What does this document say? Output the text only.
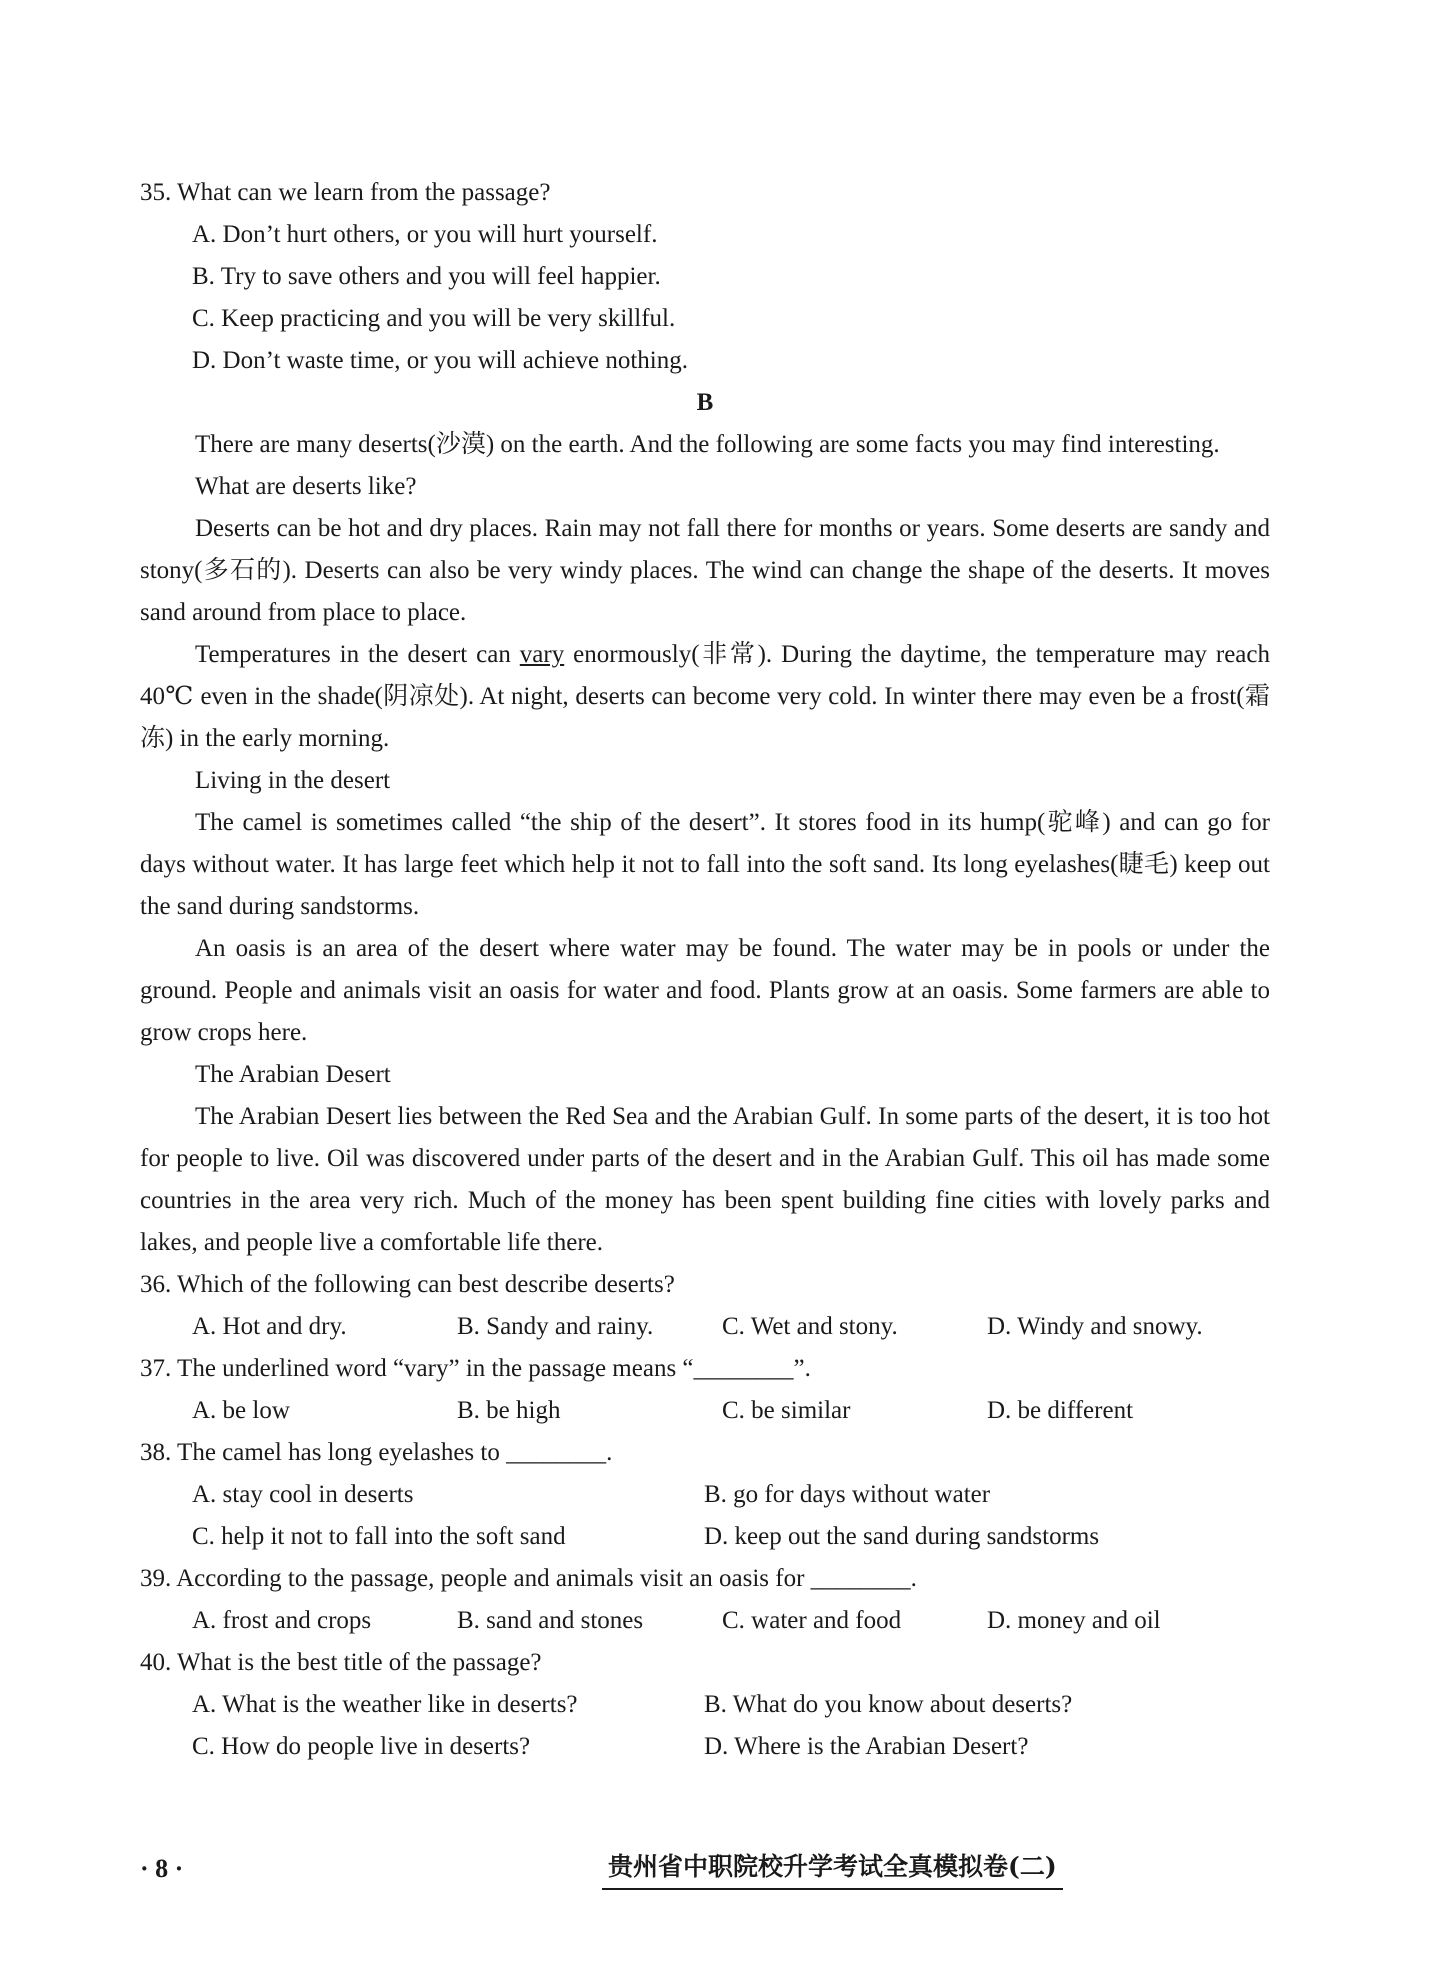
35. What can we learn from the passage?

A. Don’t hurt others, or you will hurt yourself.

B. Try to save others and you will feel happier.

C. Keep practicing and you will be very skillful.

D. Don’t waste time, or you will achieve nothing.

B

There are many deserts(沙漠) on the earth. And the following are some facts you may find interesting.

What are deserts like?

Deserts can be hot and dry places. Rain may not fall there for months or years. Some deserts are sandy and stony(多石的). Deserts can also be very windy places. The wind can change the shape of the deserts. It moves sand around from place to place.

Temperatures in the desert can vary enormously(非常). During the daytime, the temperature may reach 40℃ even in the shade(阴凉处). At night, deserts can become very cold. In winter there may even be a frost(霜冻) in the early morning.

Living in the desert

The camel is sometimes called “the ship of the desert”. It stores food in its hump(驼峰) and can go for days without water. It has large feet which help it not to fall into the soft sand. Its long eyelashes(睫毛) keep out the sand during sandstorms.

An oasis is an area of the desert where water may be found. The water may be in pools or under the ground. People and animals visit an oasis for water and food. Plants grow at an oasis. Some farmers are able to grow crops here.

The Arabian Desert

The Arabian Desert lies between the Red Sea and the Arabian Gulf. In some parts of the desert, it is too hot for people to live. Oil was discovered under parts of the desert and in the Arabian Gulf. This oil has made some countries in the area very rich. Much of the money has been spent building fine cities with lovely parks and lakes, and people live a comfortable life there.

36. Which of the following can best describe deserts?

A. Hot and dry.	B. Sandy and rainy.	C. Wet and stony.	D. Windy and snowy.

37. The underlined word “vary” in the passage means “________”.

A. be low	B. be high	C. be similar	D. be different

38. The camel has long eyelashes to ________.

A. stay cool in deserts	B. go for days without water
C. help it not to fall into the soft sand	D. keep out the sand during sandstorms

39. According to the passage, people and animals visit an oasis for ________.

A. frost and crops	B. sand and stones	C. water and food	D. money and oil

40. What is the best title of the passage?

A. What is the weather like in deserts?	B. What do you know about deserts?
C. How do people live in deserts?	D. Where is the Arabian Desert?
· 8 ·	贵州省中职院校升学考试全真模拟卷(二)
